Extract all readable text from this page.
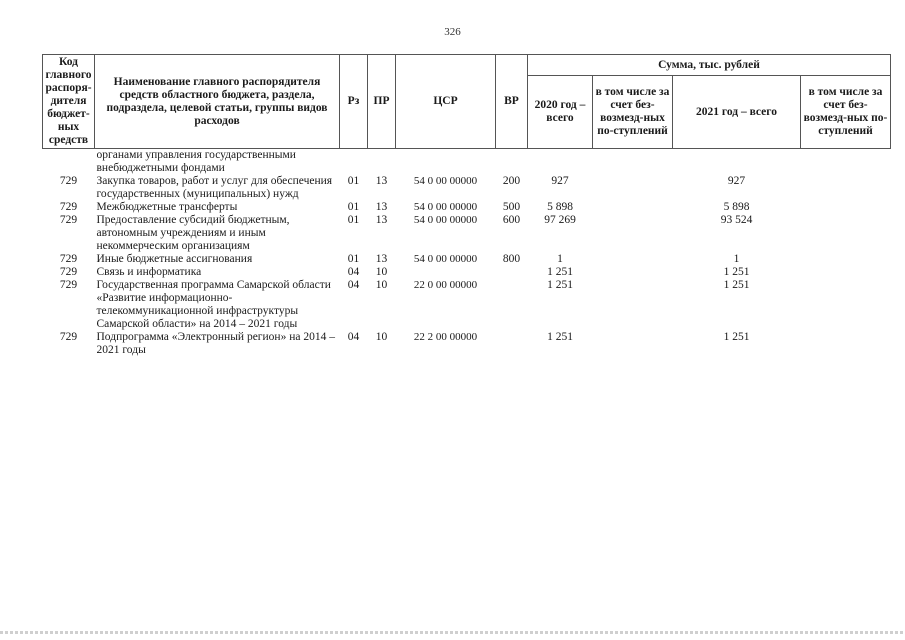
326
Код главного распоря-дителя бюджет-ных средств	Наименование главного распорядителя средств областного бюджета, раздела, подраздела, целевой статьи, группы видов расходов	Рз	ПР	ЦСР	ВР	Сумма, тыс. рублей			
						2020 год – всего	в том числе за счет без-возмезд-ных по-ступлений	2021 год – всего	в том числе за счет без-возмезд-ных по-ступлений
	органами управления государственными внебюджетными фондами								
729	Закупка товаров, работ и услуг для обеспечения государственных (муниципальных) нужд	01	13	54 0 00 00000	200	927		927	
729	Межбюджетные трансферты	01	13	54 0 00 00000	500	5 898		5 898	
729	Предоставление субсидий бюджетным, автономным учреждениям и иным некоммерческим организациям	01	13	54 0 00 00000	600	97 269		93 524	
729	Иные бюджетные ассигнования	01	13	54 0 00 00000	800	1		1	
729	Связь и информатика	04	10			1 251		1 251	
729	Государственная программа Самарской области «Развитие информационно-телекоммуникационной инфраструктуры Самарской области» на 2014 – 2021 годы	04	10	22 0 00 00000		1 251		1 251	
729	Подпрограмма «Электронный регион» на 2014 – 2021 годы	04	10	22 2 00 00000		1 251		1 251	
